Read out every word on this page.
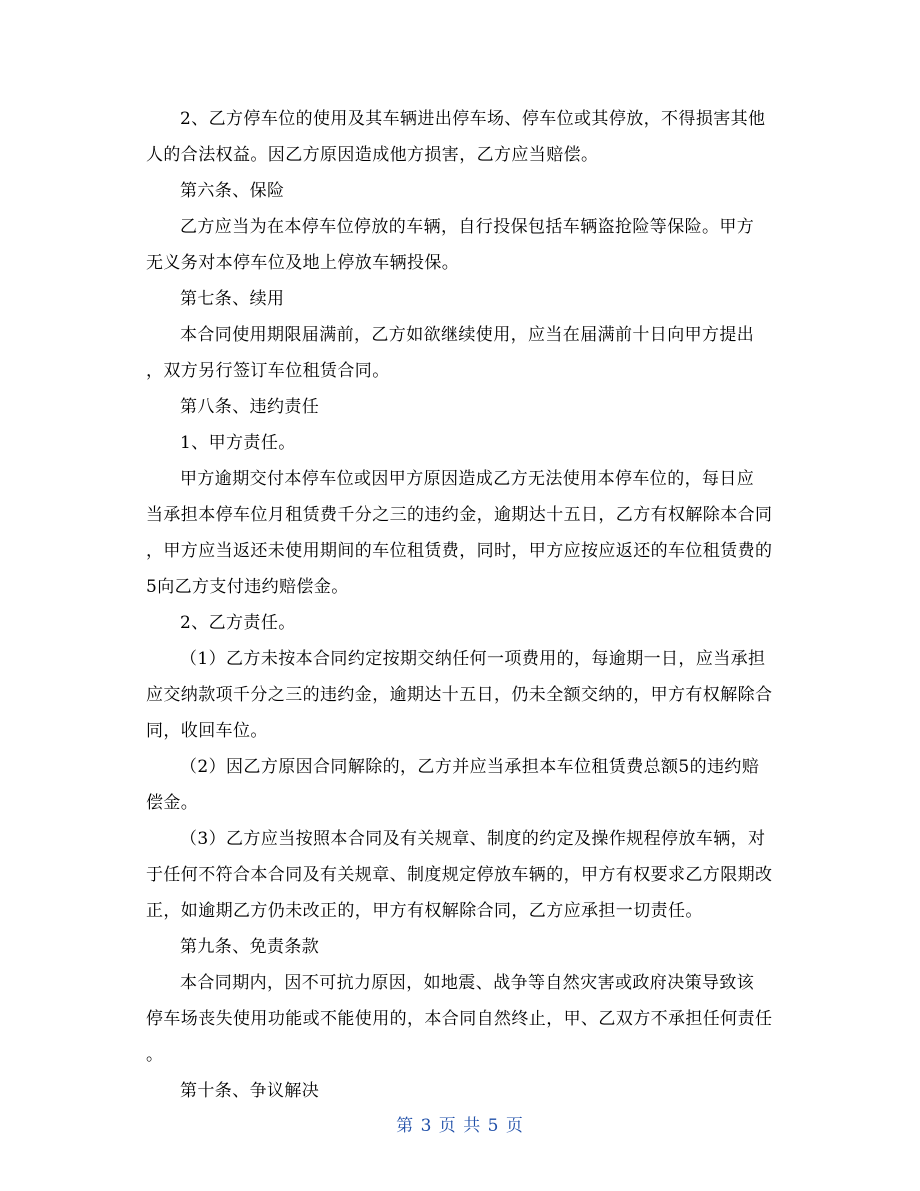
2、乙方停车位的使用及其车辆进出停车场、停车位或其停放，不得损害其他
人的合法权益。因乙方原因造成他方损害，乙方应当赔偿。
第六条、保险
乙方应当为在本停车位停放的车辆，自行投保包括车辆盗抢险等保险。甲方
无义务对本停车位及地上停放车辆投保。
第七条、续用
本合同使用期限届满前，乙方如欲继续使用，应当在届满前十日向甲方提出
，双方另行签订车位租赁合同。
第八条、违约责任
1、甲方责任。
甲方逾期交付本停车位或因甲方原因造成乙方无法使用本停车位的，每日应
当承担本停车位月租赁费千分之三的违约金，逾期达十五日，乙方有权解除本合同
，甲方应当返还未使用期间的车位租赁费，同时，甲方应按应返还的车位租赁费的
5向乙方支付违约赔偿金。
2、乙方责任。
（1）乙方未按本合同约定按期交纳任何一项费用的，每逾期一日，应当承担
应交纳款项千分之三的违约金，逾期达十五日，仍未全额交纳的，甲方有权解除合
同，收回车位。
（2）因乙方原因合同解除的，乙方并应当承担本车位租赁费总额5的违约赔
偿金。
（3）乙方应当按照本合同及有关规章、制度的约定及操作规程停放车辆，对
于任何不符合本合同及有关规章、制度规定停放车辆的，甲方有权要求乙方限期改
正，如逾期乙方仍未改正的，甲方有权解除合同，乙方应承担一切责任。
第九条、免责条款
本合同期内，因不可抗力原因，如地震、战争等自然灾害或政府决策导致该
停车场丧失使用功能或不能使用的，本合同自然终止，甲、乙双方不承担任何责任
。
第十条、争议解决
第 3 页 共 5 页
